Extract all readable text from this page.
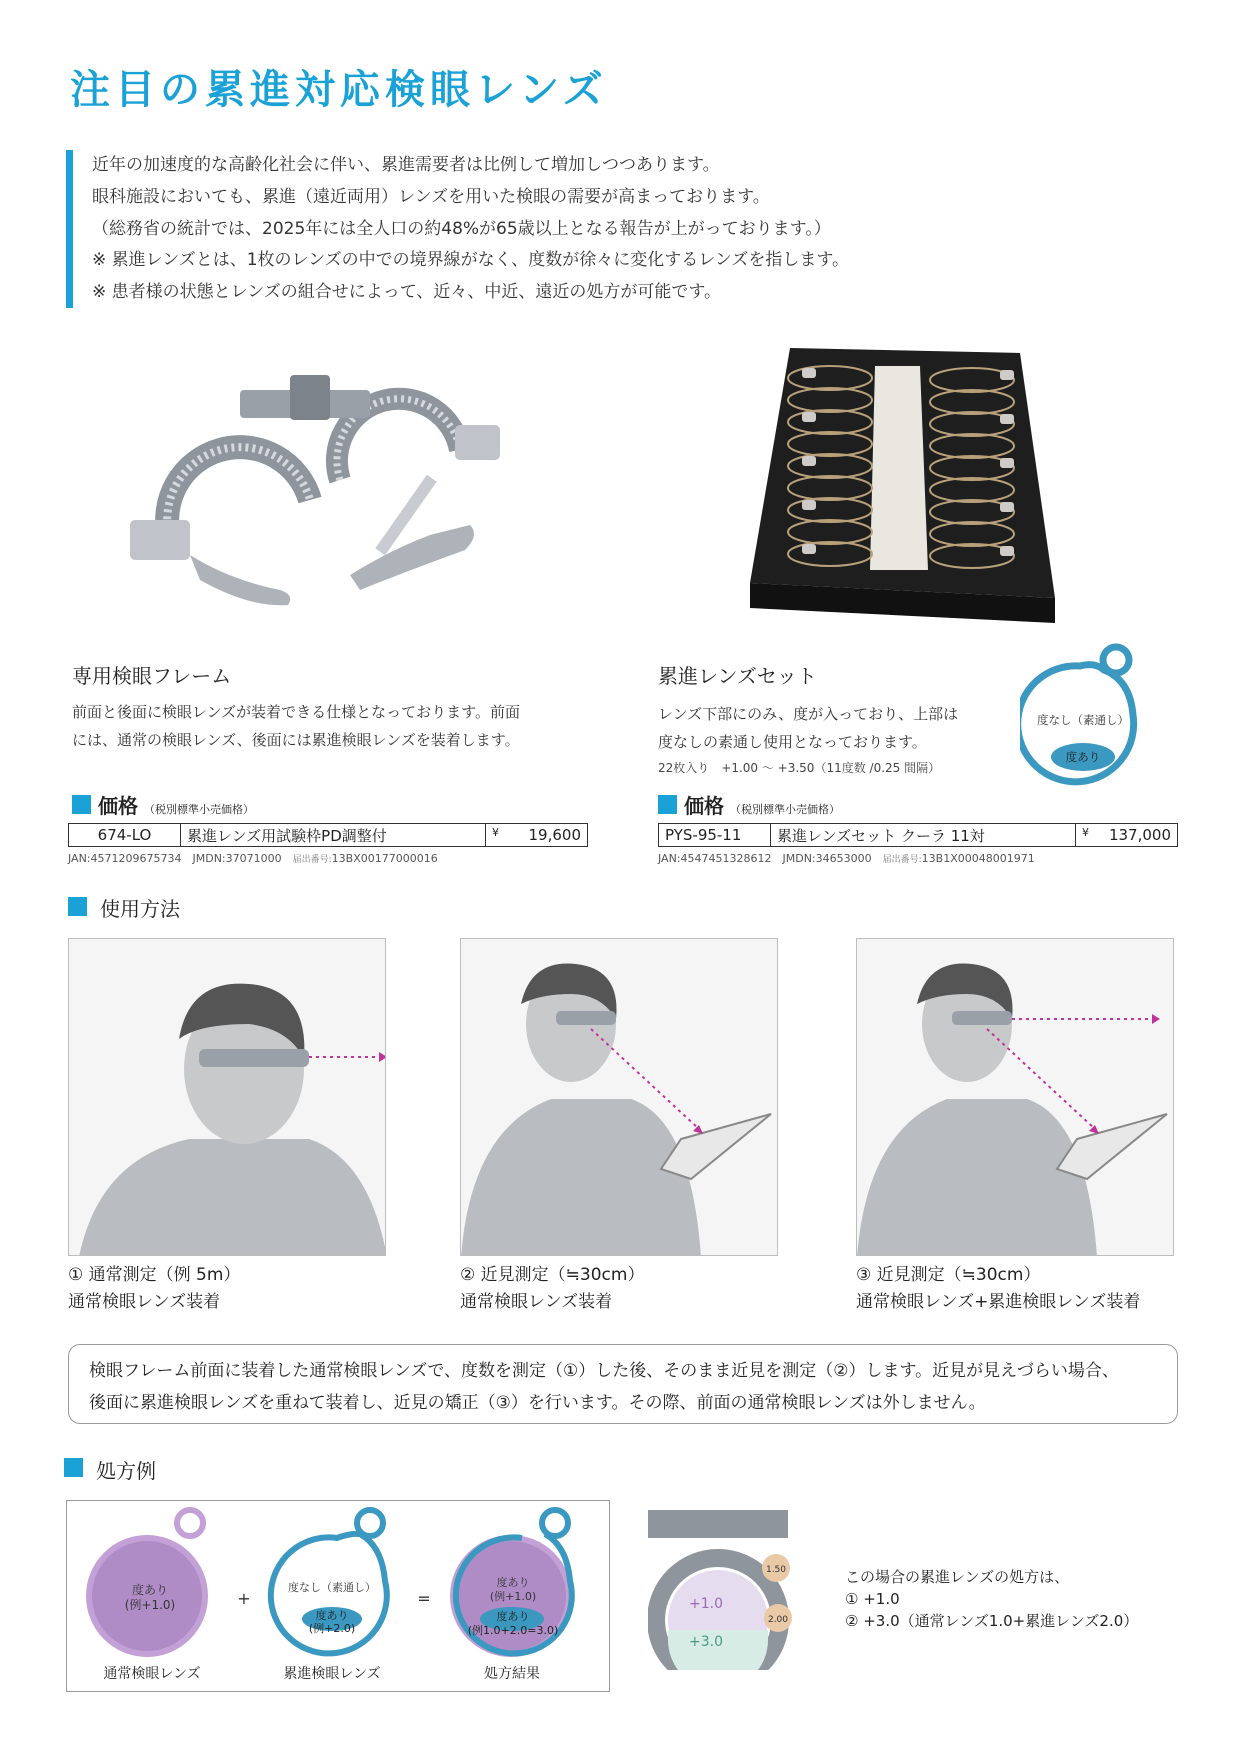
注目の累進対応検眼レンズ

近年の加速度的な高齢化社会に伴い、累進需要者は比例して増加しつつあります。

眼科施設においても、累進（遠近両用）レンズを用いた検眼の需要が高まっております。

（総務省の統計では、2025年には全人口の約48%が65歳以上となる報告が上がっております。）

※ 累進レンズとは、1枚のレンズの中での境界線がなく、度数が徐々に変化するレンズを指します。

※ 患者様の状態とレンズの組合せによって、近々、中近、遠近の処方が可能です。

専用検眼フレーム

前面と後面に検眼レンズが装着できる仕様となっております。前面

には、通常の検眼レンズ、後面には累進検眼レンズを装着します。

価格 （税別標準小売価格）
674-LO	累進レンズ用試験枠PD調整付	¥ 19,600
JAN:4571209675734　JMDN:37071000　 届出番号:13BX00177000016
累進レンズセット

レンズ下部にのみ、度が入っており、上部は

度なしの素通し使用となっております。

22枚入り　+1.00 ～ +3.50（11度数 /0.25 間隔）
度なし（素通し）
度あり
価格 （税別標準小売価格）
PYS-95-11	累進レンズセット クーラ 11対	¥ 137,000
JAN:4547451328612　JMDN:34653000　 届出番号:13B1X00048001971
使用方法

① 通常測定（例 5m）

通常検眼レンズ装着

② 近見測定（≒30cm）

通常検眼レンズ装着

③ 近見測定（≒30cm）

通常検眼レンズ+累進検眼レンズ装着

検眼フレーム前面に装着した通常検眼レンズで、度数を測定（①）した後、そのまま近見を測定（②）します。近見が見えづらい場合、

後面に累進検眼レンズを重ねて装着し、近見の矯正（③）を行います。その際、前面の通常検眼レンズは外しません。

処方例
度あり
(例+1.0)	+
度なし（素通し）
度あり
(例+2.0)
=
度あり
(例+1.0)
度あり
(例1.0+2.0=3.0)
通常検眼レンズ	累進検眼レンズ	処方結果
+1.0
+3.0
1.50
2.00

この場合の累進レンズの処方は、

① +1.0

② +3.0（通常レンズ1.0+累進レンズ2.0）
